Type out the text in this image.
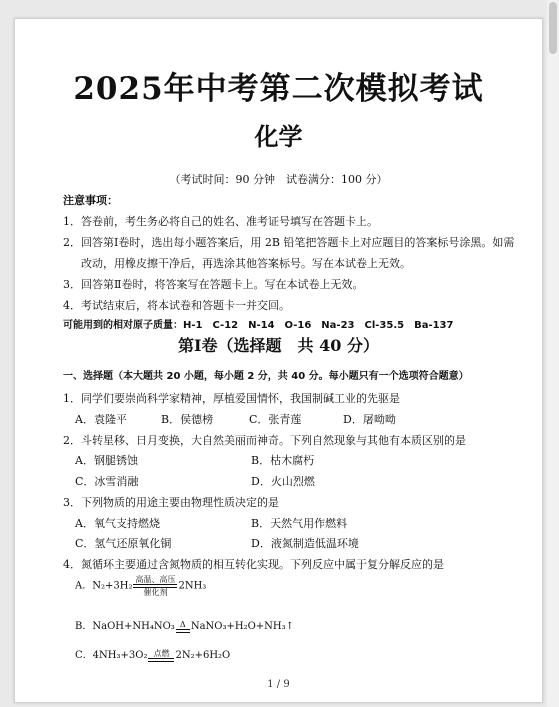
2025年中考第二次模拟考试
化学
（考试时间：90 分钟　试卷满分：100 分）
注意事项：
1．答卷前，考生务必将自己的姓名、准考证号填写在答题卡上。
2．回答第Ⅰ卷时，选出每小题答案后，用 2B 铅笔把答题卡上对应题目的答案标号涂黑。如需
改动，用橡皮擦干净后，再选涂其他答案标号。写在本试卷上无效。
3．回答第Ⅱ卷时，将答案写在答题卡上。写在本试卷上无效。
4．考试结束后，将本试卷和答题卡一并交回。
可能用到的相对原子质量：H-1　C-12　N-14　O-16　Na-23　Cl-35.5　Ba-137
第Ⅰ卷（选择题　共 40 分）
一、选择题（本大题共 20 小题，每小题 2 分，共 40 分。每小题只有一个选项符合题意）
1．同学们要崇尚科学家精神，厚植爱国情怀，我国制碱工业的先驱是
A．袁隆平	B．侯德榜	C．张青莲	D．屠呦呦
2．斗转星移、日月变换，大自然美丽而神奇。下列自然现象与其他有本质区别的是
A．钢腿锈蚀	B．枯木腐朽
C．冰雪消融	D．火山烈燃
3．下列物质的用途主要由物理性质决定的是
A．氧气支持燃烧	B．天然气用作燃料
C．氢气还原氧化铜	D．液氮制造低温环境
4．氮循环主要通过含氮物质的相互转化实现。下列反应中属于复分解反应的是
A．N₂+3H₂
高温、高压
催化剂
2NH₃
B．NaOH+NH₄NO₃ Δ NaNO₃+H₂O+NH₃↑
C．4NH₃+3O₂ 点燃 2N₂+6H₂O
1 / 9
